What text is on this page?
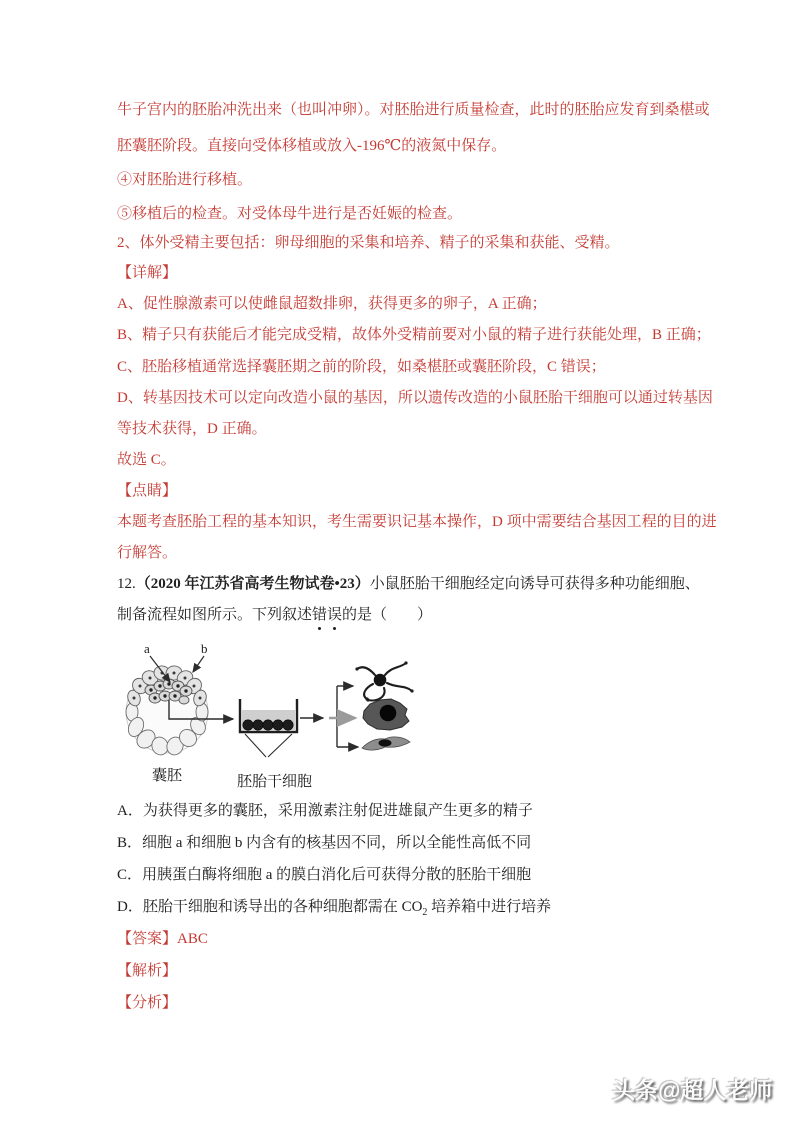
牛子宫内的胚胎冲洗出来（也叫冲卵）。对胚胎进行质量检查，此时的胚胎应发育到桑椹或
胚囊胚阶段。直接向受体移植或放入-196℃的液氮中保存。
④对胚胎进行移植。
⑤移植后的检查。对受体母牛进行是否妊娠的检查。
2、体外受精主要包括：卵母细胞的采集和培养、精子的采集和获能、受精。
【详解】
A、促性腺激素可以使雌鼠超数排卵，获得更多的卵子，A 正确；
B、精子只有获能后才能完成受精，故体外受精前要对小鼠的精子进行获能处理，B 正确；
C、胚胎移植通常选择囊胚期之前的阶段，如桑椹胚或囊胚阶段，C 错误；
D、转基因技术可以定向改造小鼠的基因，所以遗传改造的小鼠胚胎干细胞可以通过转基因
等技术获得，D 正确。
故选 C。
【点睛】
本题考查胚胎工程的基本知识，考生需要识记基本操作，D 项中需要结合基因工程的目的进
行解答。
12.（2020 年江苏省高考生物试卷•23）小鼠胚胎干细胞经定向诱导可获得多种功能细胞、
制备流程如图所示。下列叙述错误的是（　　）
A．为获得更多的囊胚，采用激素注射促进雄鼠产生更多的精子
B．细胞 a 和细胞 b 内含有的核基因不同，所以全能性高低不同
C．用胰蛋白酶将细胞 a 的膜白消化后可获得分散的胚胎干细胞
D．胚胎干细胞和诱导出的各种细胞都需在 $CO_2$ 培养箱中进行培养
【答案】ABC
【解析】
【分析】
a	b
囊胚	胚胎干细胞
头条@超人老师
